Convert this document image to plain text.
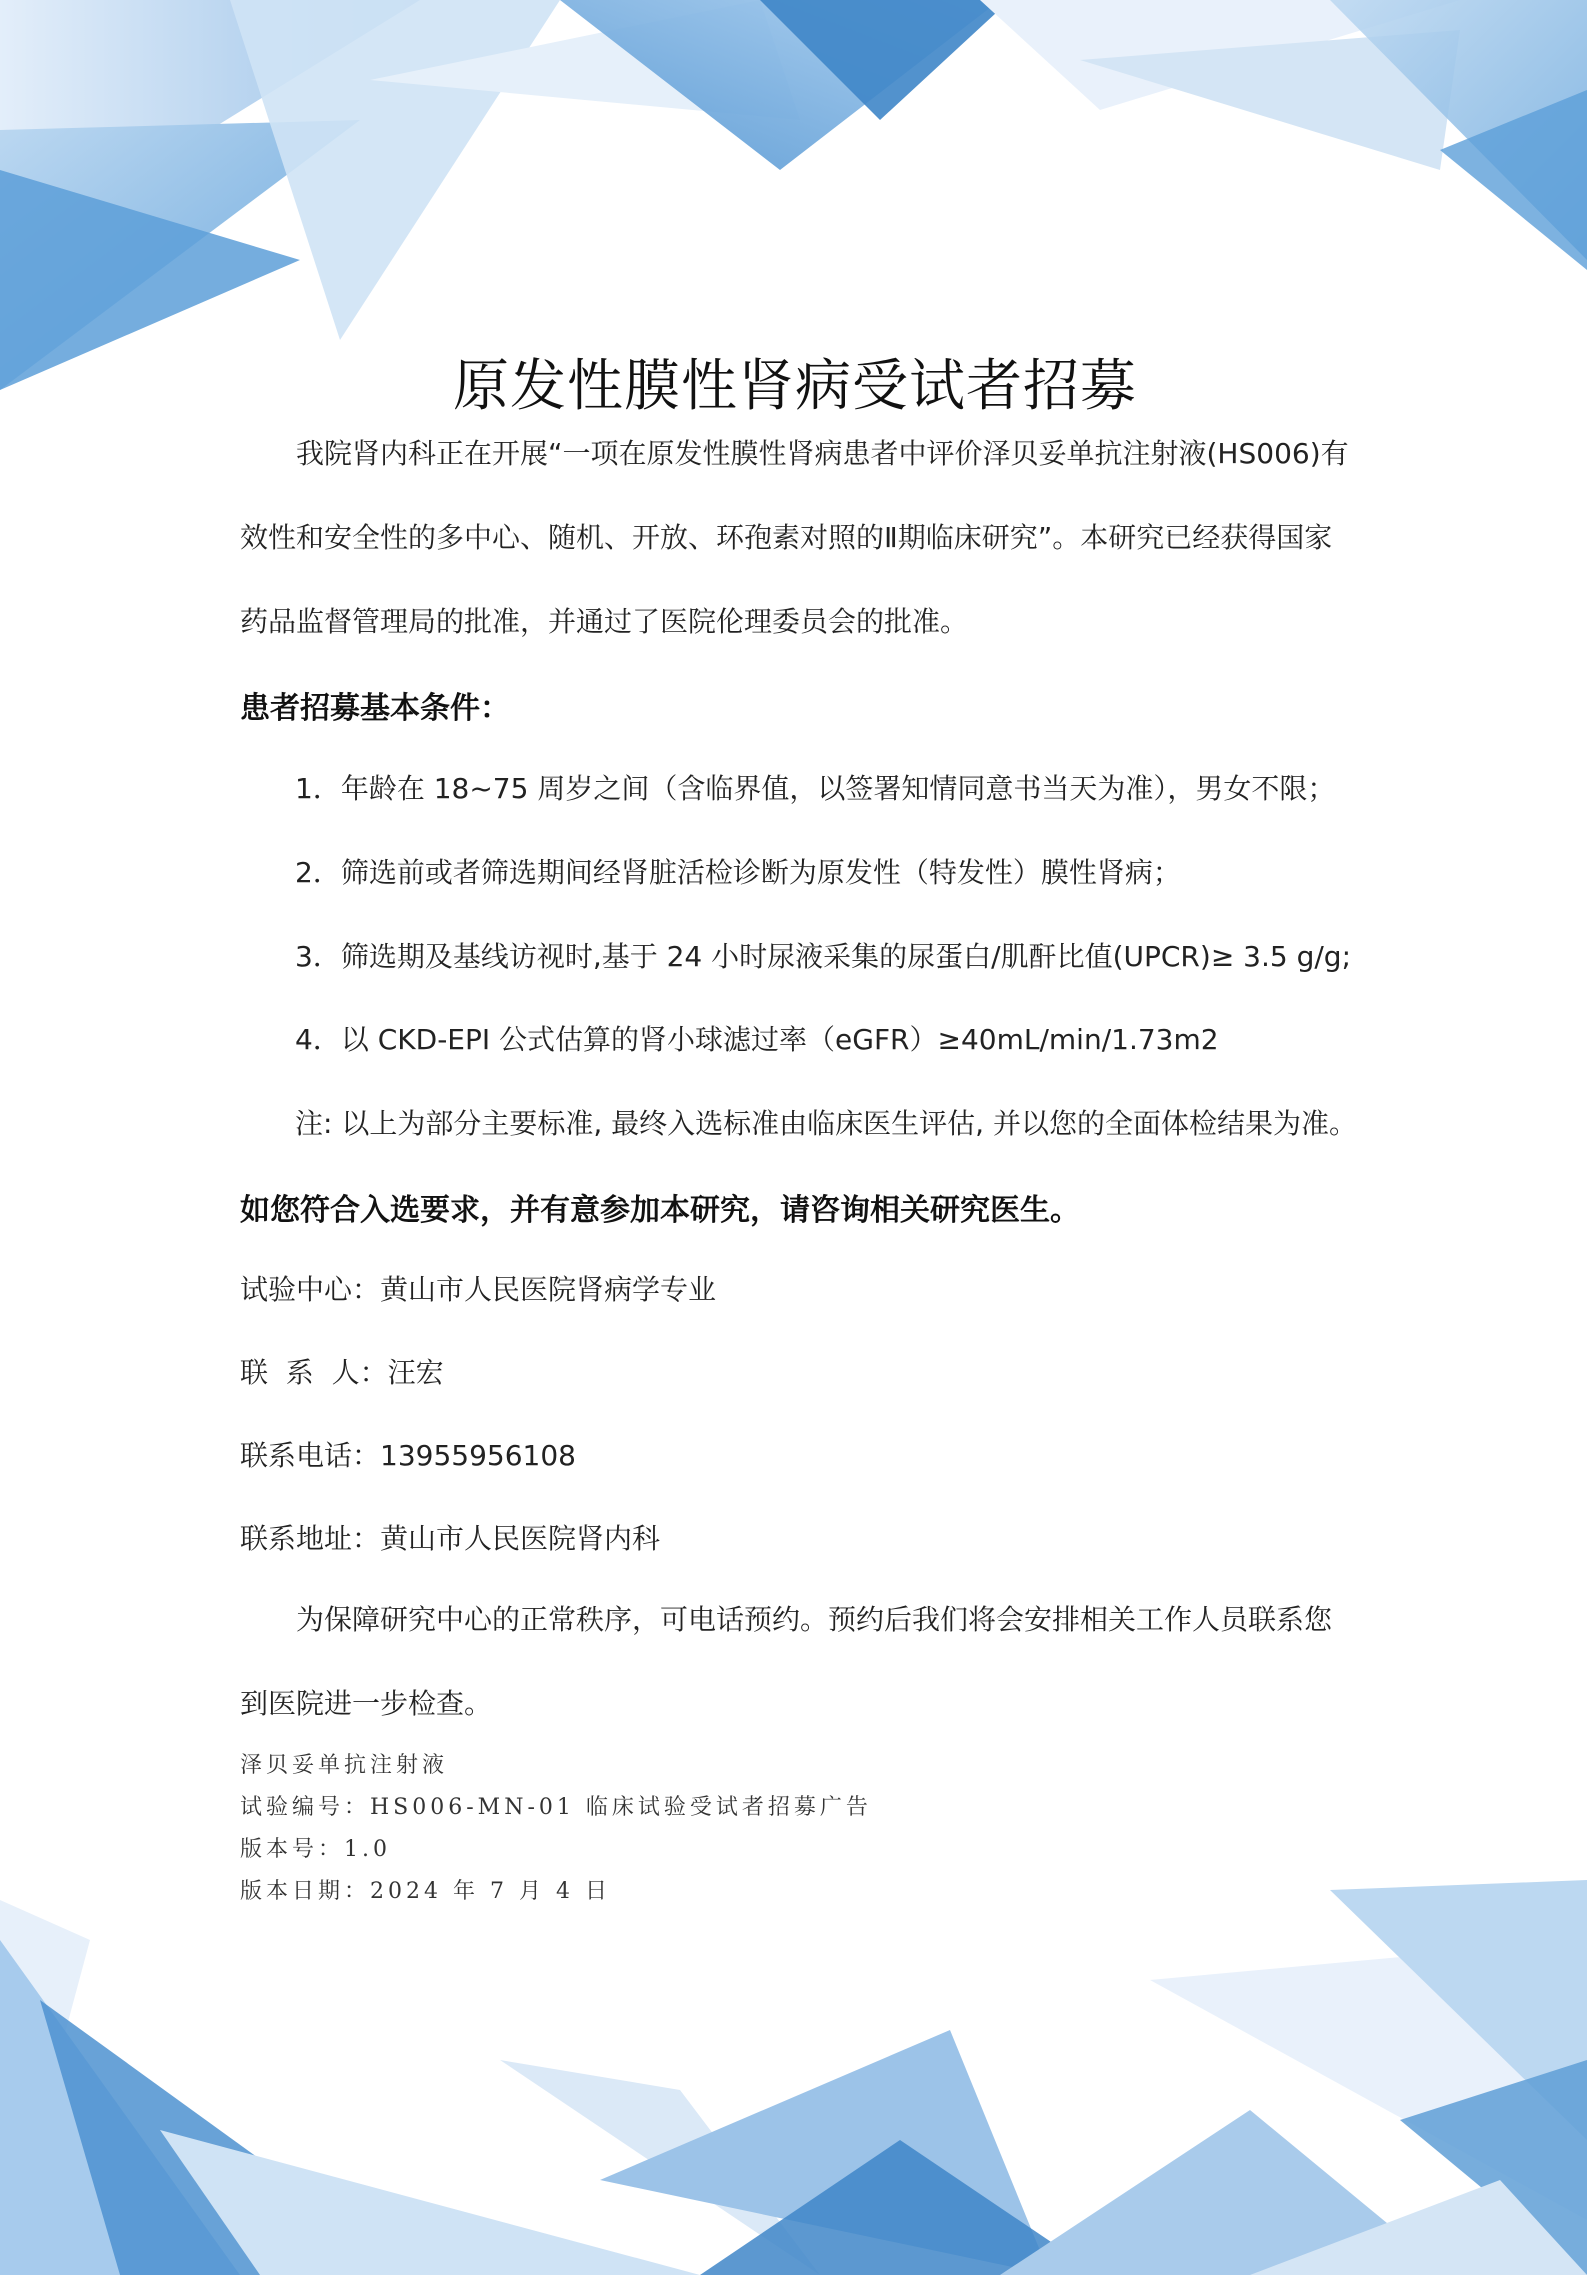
原发性膜性肾病受试者招募
我院肾内科正在开展“一项在原发性膜性肾病患者中评价泽贝妥单抗注射液(HS006)有效性和安全性的多中心、随机、开放、环孢素对照的Ⅱ期临床研究”。本研究已经获得国家药品监督管理局的批准，并通过了医院伦理委员会的批准。
患者招募基本条件：
1．年龄在 18~75 周岁之间（含临界值，以签署知情同意书当天为准），男女不限；
2．筛选前或者筛选期间经肾脏活检诊断为原发性（特发性）膜性肾病；
3．筛选期及基线访视时,基于 24 小时尿液采集的尿蛋白/肌酐比值(UPCR)≥ 3.5 g/g;
4．以 CKD-EPI 公式估算的肾小球滤过率（eGFR）≥40mL/min/1.73m2
注: 以上为部分主要标准, 最终入选标准由临床医生评估, 并以您的全面体检结果为准。
如您符合入选要求，并有意参加本研究，请咨询相关研究医生。
试验中心：黄山市人民医院肾病学专业
联  系  人：汪宏
联系电话：13955956108
联系地址：黄山市人民医院肾内科
为保障研究中心的正常秩序，可电话预约。预约后我们将会安排相关工作人员联系您到医院进一步检查。
泽贝妥单抗注射液
试验编号：HS006-MN-01 临床试验受试者招募广告
版本号：1.0
版本日期：2024 年 7 月 4 日
